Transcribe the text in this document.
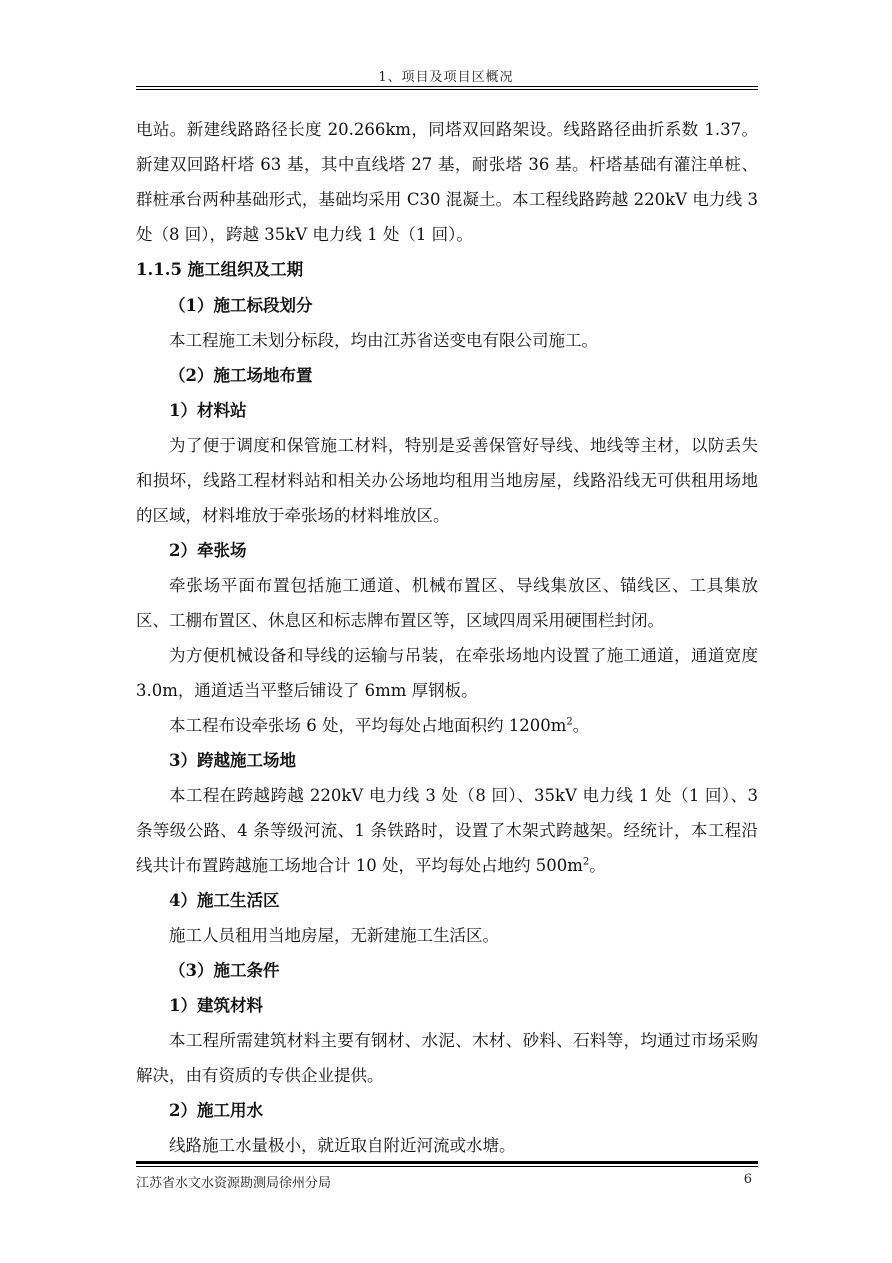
1、项目及项目区概况

电站。新建线路路径长度 20.266km，同塔双回路架设。线路路径曲折系数 1.37。新建双回路杆塔 63 基，其中直线塔 27 基，耐张塔 36 基。杆塔基础有灌注单桩、群桩承台两种基础形式，基础均采用 C30 混凝土。本工程线路跨越 220kV 电力线 3 处（8 回），跨越 35kV 电力线 1 处（1 回）。

1.1.5 施工组织及工期

（1）施工标段划分

本工程施工未划分标段，均由江苏省送变电有限公司施工。

（2）施工场地布置

1）材料站

为了便于调度和保管施工材料，特别是妥善保管好导线、地线等主材，以防丢失和损坏，线路工程材料站和相关办公场地均租用当地房屋，线路沿线无可供租用场地的区域，材料堆放于牵张场的材料堆放区。

2）牵张场

牵张场平面布置包括施工通道、机械布置区、导线集放区、锚线区、工具集放区、工棚布置区、休息区和标志牌布置区等，区域四周采用硬围栏封闭。

为方便机械设备和导线的运输与吊装，在牵张场地内设置了施工通道，通道宽度 3.0m，通道适当平整后铺设了 6mm 厚钢板。

本工程布设牵张场 6 处，平均每处占地面积约 $1200m^2$。

3）跨越施工场地

本工程在跨越跨越 220kV 电力线 3 处（8 回）、35kV 电力线 1 处（1 回）、3 条等级公路、4 条等级河流、1 条铁路时，设置了木架式跨越架。经统计，本工程沿线共计布置跨越施工场地合计 10 处，平均每处占地约 $500m^2$。

4）施工生活区

施工人员租用当地房屋，无新建施工生活区。

（3）施工条件

1）建筑材料

本工程所需建筑材料主要有钢材、水泥、木材、砂料、石料等，均通过市场采购解决，由有资质的专供企业提供。

2）施工用水

线路施工水量极小，就近取自附近河流或水塘。

江苏省水文水资源勘测局徐州分局	6
